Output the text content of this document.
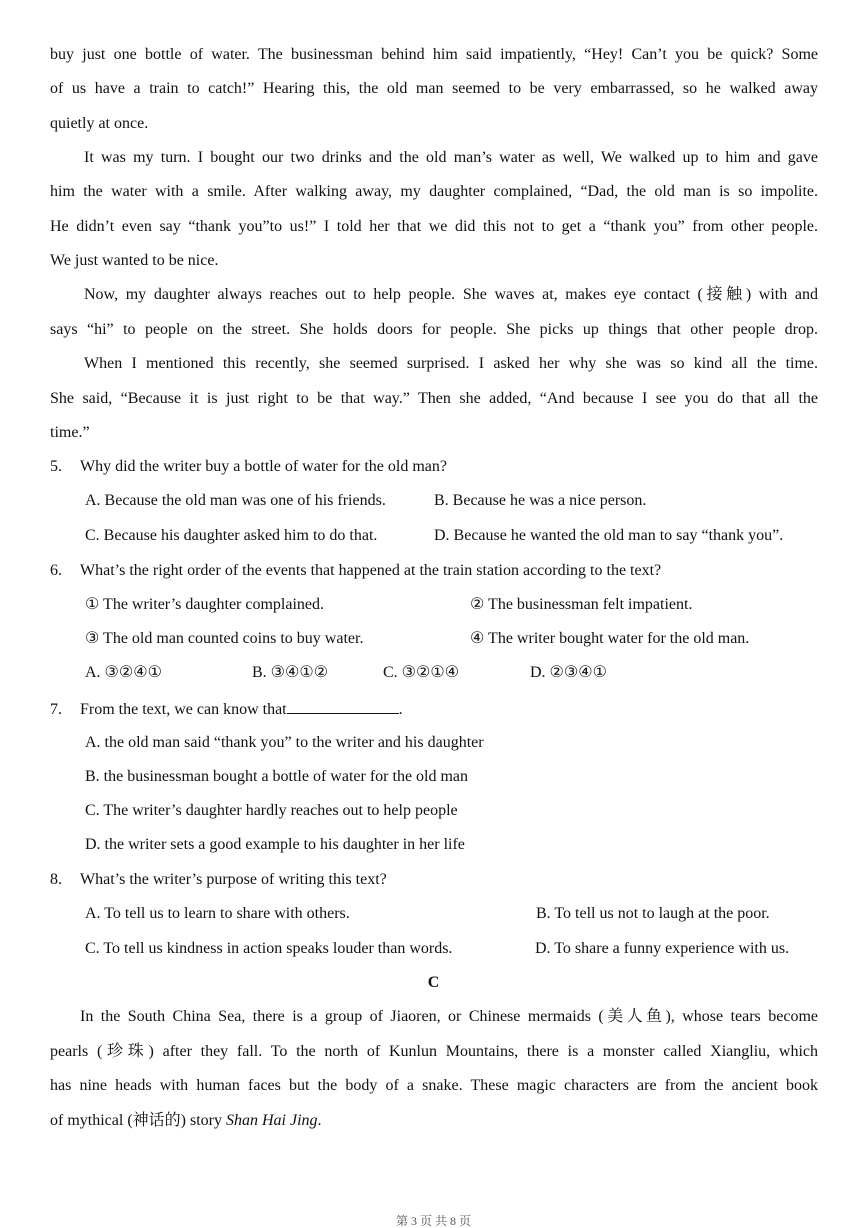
buy just one bottle of water. The businessman behind him said impatiently, “Hey! Can’t you be quick? Some
of us have a train to catch!” Hearing this, the old man seemed to be very embarrassed, so he walked away
quietly at once.
It was my turn. I bought our two drinks and the old man’s water as well, We walked up to him and gave
him the water with a smile. After walking away, my daughter complained, “Dad, the old man is so impolite.
He didn’t even say “thank you”to us!” I told her that we did this not to get a “thank you” from other people.
We just wanted to be nice.
Now, my daughter always reaches out to help people. She waves at, makes eye contact (接触) with and
says “hi” to people on the street. She holds doors for people. She picks up things that other people drop.
When I mentioned this recently, she seemed surprised. I asked her why she was so kind all the time.
She said, “Because it is just right to be that way.” Then she added, “And because I see you do that all the
time.”
5. Why did the writer buy a bottle of water for the old man?
A. Because the old man was one of his friends.	B. Because he was a nice person.
C. Because his daughter asked him to do that.	D. Because he wanted the old man to say “thank you”.
6. What’s the right order of the events that happened at the train station according to the text?
① The writer’s daughter complained.	② The businessman felt impatient.
③ The old man counted coins to buy water.	④ The writer bought water for the old man.
A. ③②④①	B. ③④①②	C. ③②①④	D. ②③④①
7. From the text, we can know that	.
A. the old man said “thank you” to the writer and his daughter
B. the businessman bought a bottle of water for the old man
C. The writer’s daughter hardly reaches out to help people
D. the writer sets a good example to his daughter in her life
8. What’s the writer’s purpose of writing this text?
A. To tell us to learn to share with others.	B. To tell us not to laugh at the poor.
C. To tell us kindness in action speaks louder than words.	D. To share a funny experience with us.
C
In the South China Sea, there is a group of Jiaoren, or Chinese mermaids (美人鱼), whose tears become
pearls (珍珠) after they fall. To the north of Kunlun Mountains, there is a monster called Xiangliu, which
has nine heads with human faces but the body of a snake. These magic characters are from the ancient book
of mythical (神话的) story Shan Hai Jing.
第 3 页 共 8 页
